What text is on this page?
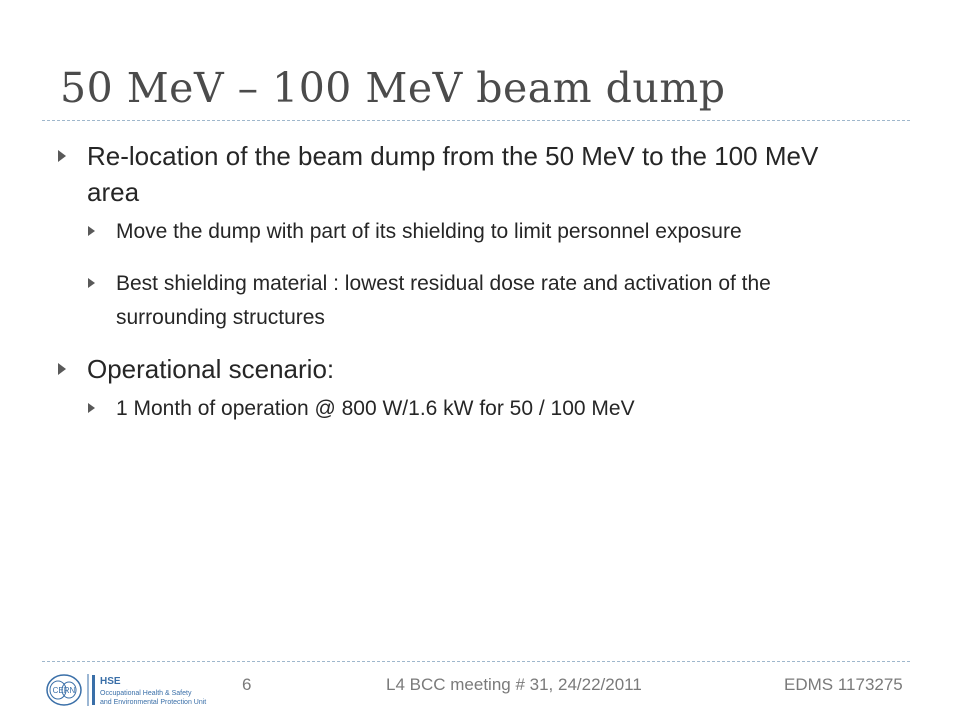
50 MeV – 100 MeV beam dump
Re-location of the beam dump from the 50 MeV to the 100 MeV area
Move the dump with part of its shielding to limit personnel exposure
Best shielding material : lowest residual dose rate and activation of the surrounding structures
Operational scenario:
1 Month of operation @ 800 W/1.6 kW for 50 / 100 MeV
CERN
HSE
Occupational Health & Safety
and Environmental Protection Unit
6	L4 BCC meeting # 31, 24/22/2011	EDMS 1173275
